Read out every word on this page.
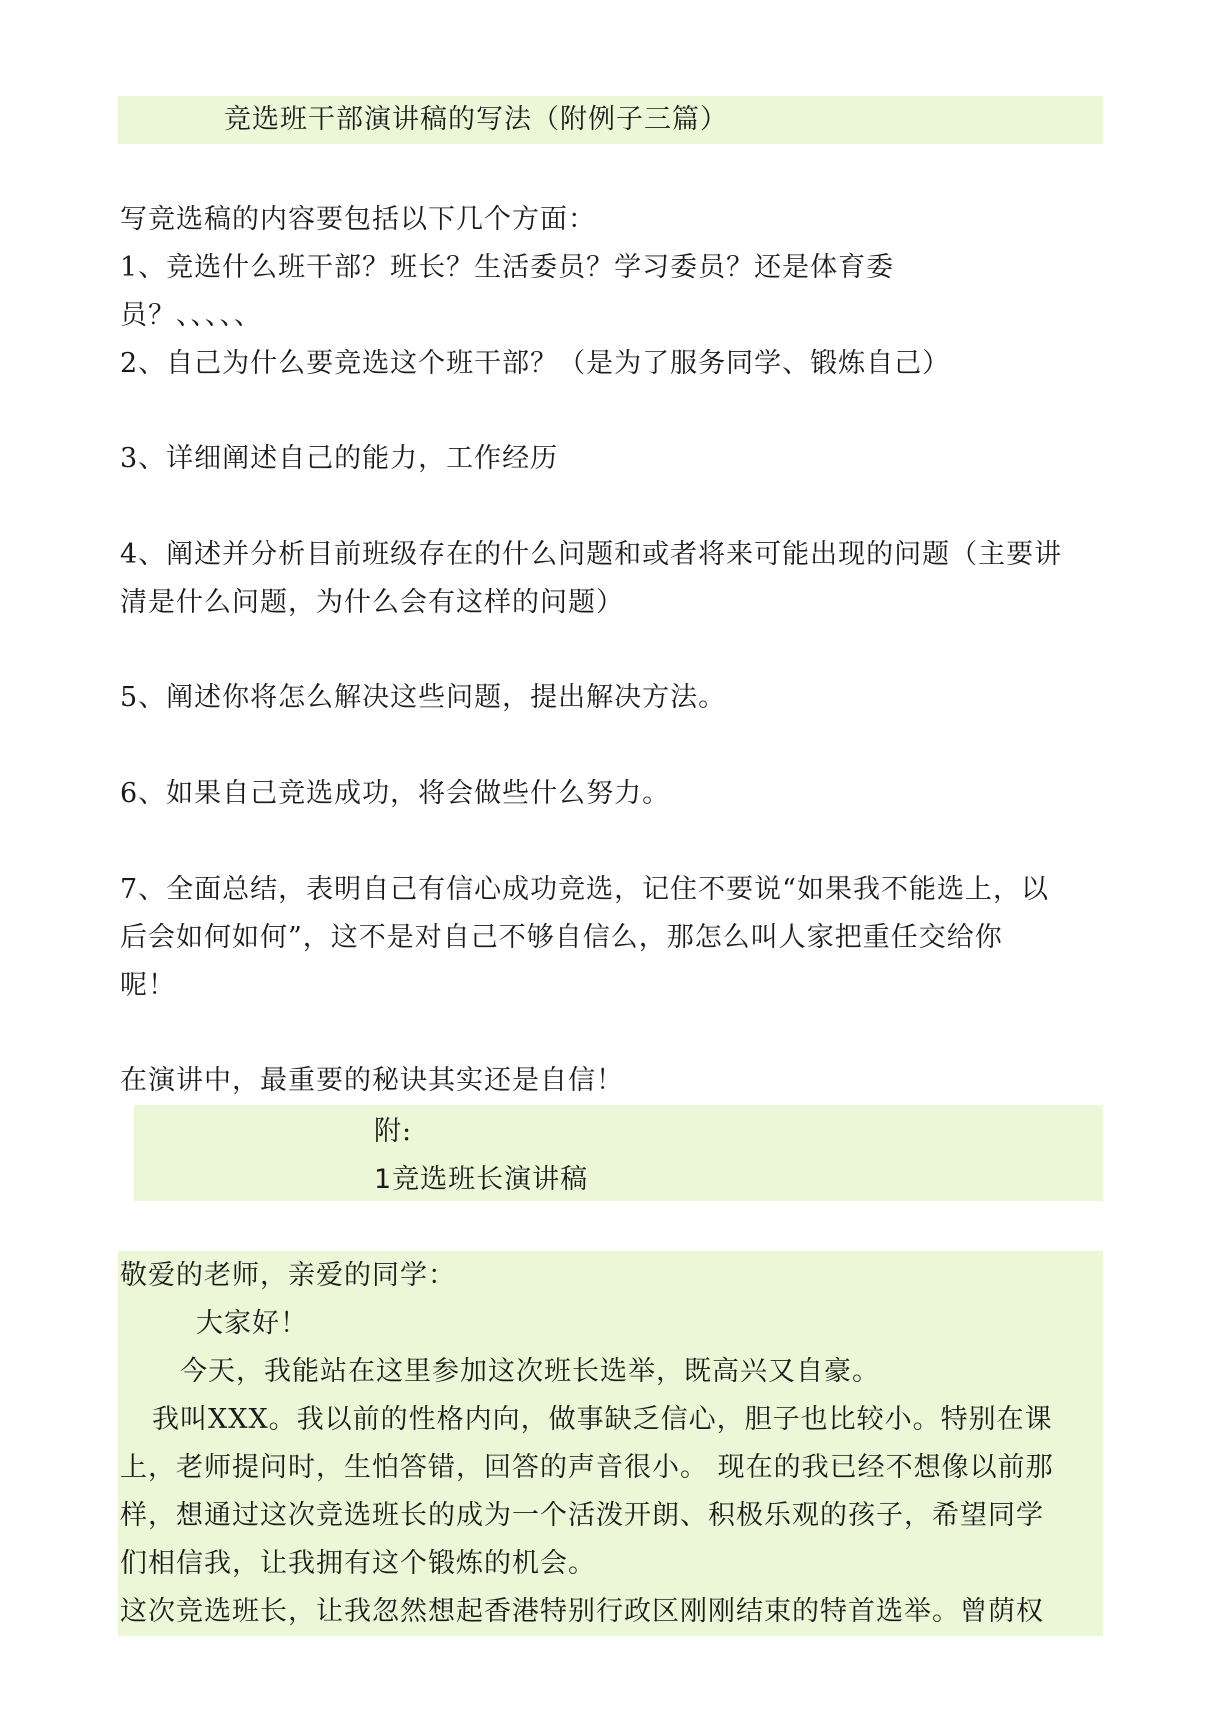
竞选班干部演讲稿的写法（附例子三篇）
写竞选稿的内容要包括以下几个方面：
1、竞选什么班干部？班长？生活委员？学习委员？还是体育委
员？、、、、、
2、自己为什么要竞选这个班干部？（是为了服务同学、锻炼自己）
3、详细阐述自己的能力，工作经历
4、阐述并分析目前班级存在的什么问题和或者将来可能出现的问题（主要讲
清是什么问题，为什么会有这样的问题）
5、阐述你将怎么解决这些问题，提出解决方法。
6、如果自己竞选成功，将会做些什么努力。
7、全面总结，表明自己有信心成功竞选，记住不要说“如果我不能选上，以
后会如何如何”，这不是对自己不够自信么，那怎么叫人家把重任交给你
呢！
在演讲中，最重要的秘诀其实还是自信！
附:
1竞选班长演讲稿
敬爱的老师，亲爱的同学：
大家好！
今天，我能站在这里参加这次班长选举，既高兴又自豪。
我叫XXX。我以前的性格内向，做事缺乏信心，胆子也比较小。特别在课
上，老师提问时，生怕答错，回答的声音很小。 现在的我已经不想像以前那
样，想通过这次竞选班长的成为一个活泼开朗、积极乐观的孩子，希望同学
们相信我，让我拥有这个锻炼的机会。
这次竞选班长，让我忽然想起香港特别行政区刚刚结束的特首选举。曾荫权
